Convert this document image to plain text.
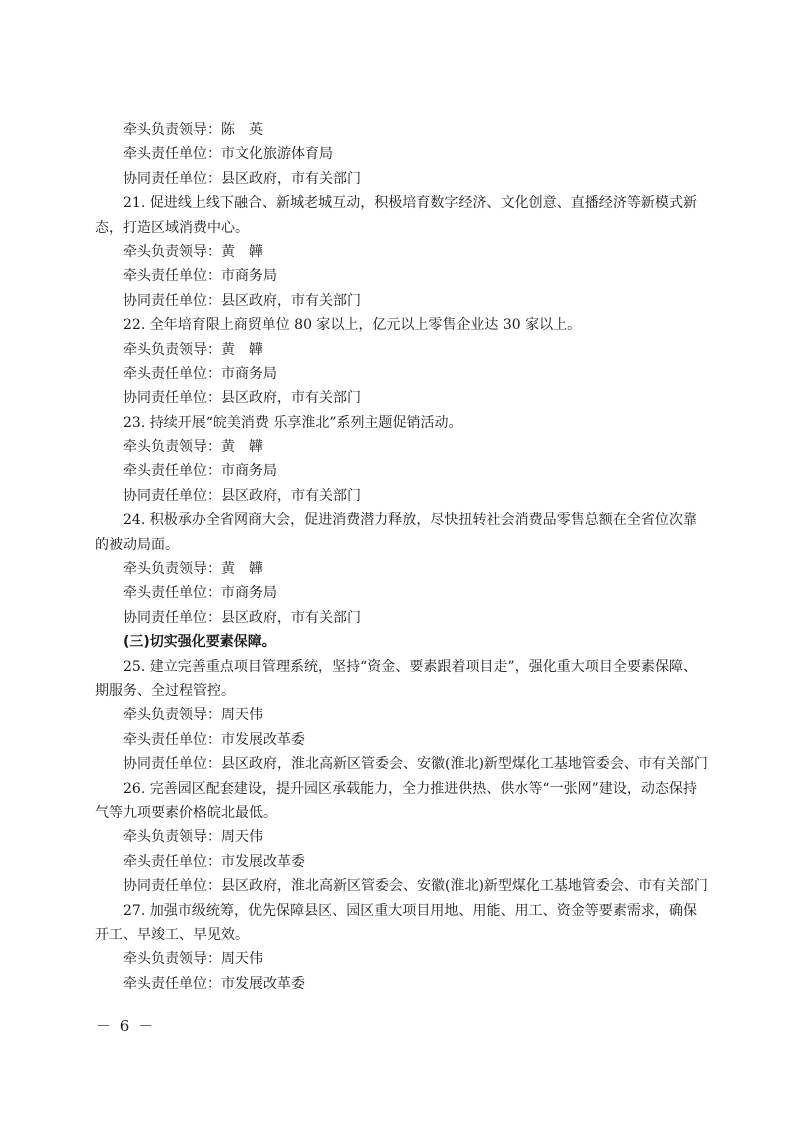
牵头负责领导：陈　英
牵头责任单位：市文化旅游体育局
协同责任单位：县区政府，市有关部门
21. 促进线上线下融合、新城老城互动，积极培育数字经济、文化创意、直播经济等新模式新
态，打造区域消费中心。
牵头负责领导：黄　韡
牵头责任单位：市商务局
协同责任单位：县区政府，市有关部门
22. 全年培育限上商贸单位 80 家以上，亿元以上零售企业达 30 家以上。
牵头负责领导：黄　韡
牵头责任单位：市商务局
协同责任单位：县区政府，市有关部门
23. 持续开展“皖美消费 乐享淮北”系列主题促销活动。
牵头负责领导：黄　韡
牵头责任单位：市商务局
协同责任单位：县区政府，市有关部门
24. 积极承办全省网商大会，促进消费潜力释放，尽快扭转社会消费品零售总额在全省位次靠
的被动局面。
牵头负责领导：黄　韡
牵头责任单位：市商务局
协同责任单位：县区政府，市有关部门
(三)切实强化要素保障。
25. 建立完善重点项目管理系统，坚持“资金、要素跟着项目走”，强化重大项目全要素保障、
期服务、全过程管控。
牵头负责领导：周天伟
牵头责任单位：市发展改革委
协同责任单位：县区政府，淮北高新区管委会、安徽(淮北)新型煤化工基地管委会、市有关部门
26. 完善园区配套建设，提升园区承载能力，全力推进供热、供水等“一张网”建设，动态保持
气等九项要素价格皖北最低。
牵头负责领导：周天伟
牵头责任单位：市发展改革委
协同责任单位：县区政府，淮北高新区管委会、安徽(淮北)新型煤化工基地管委会、市有关部门
27. 加强市级统筹，优先保障县区、园区重大项目用地、用能、用工、资金等要素需求，确保
开工、早竣工、早见效。
牵头负责领导：周天伟
牵头责任单位：市发展改革委
－ 6 －
